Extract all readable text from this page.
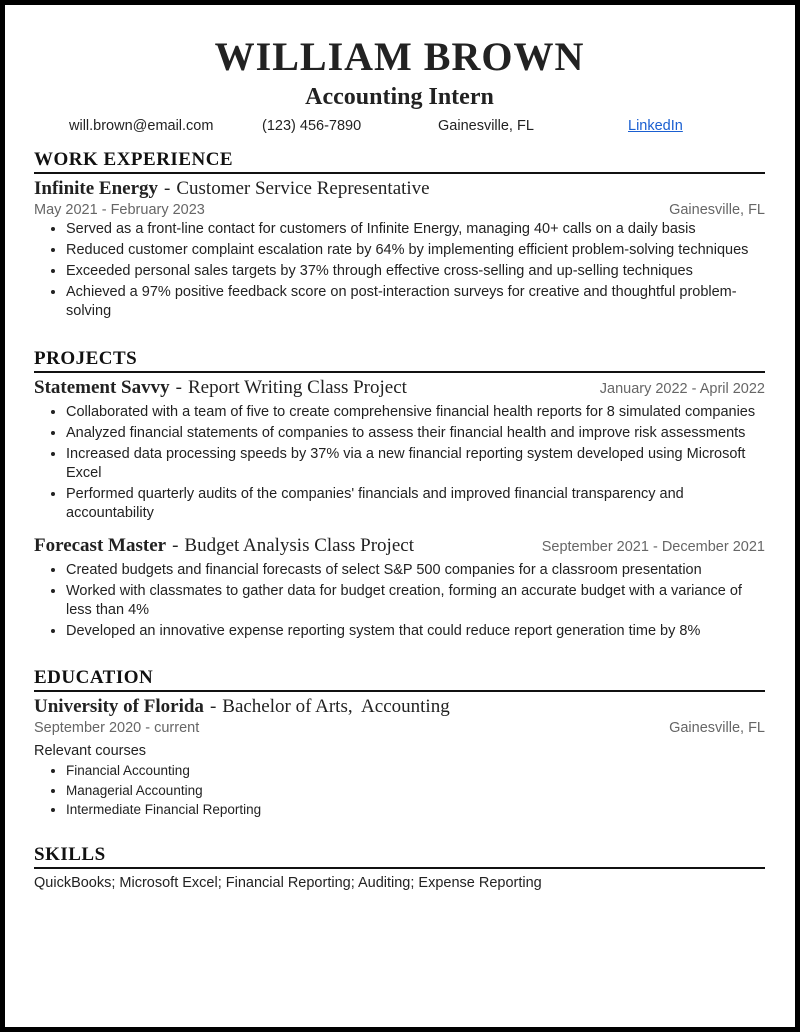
WILLIAM BROWN
Accounting Intern
will.brown@email.com	(123) 456-7890	Gainesville, FL	LinkedIn
WORK EXPERIENCE
Infinite Energy - Customer Service Representative
May 2021 - February 2023	Gainesville, FL
• Served as a front-line contact for customers of Infinite Energy, managing 40+ calls on a daily basis
• Reduced customer complaint escalation rate by 64% by implementing efficient problem-solving techniques
• Exceeded personal sales targets by 37% through effective cross-selling and up-selling techniques
• Achieved a 97% positive feedback score on post-interaction surveys for creative and thoughtful problem-solving
PROJECTS
Statement Savvy - Report Writing Class Project	January 2022 - April 2022
• Collaborated with a team of five to create comprehensive financial health reports for 8 simulated companies
• Analyzed financial statements of companies to assess their financial health and improve risk assessments
• Increased data processing speeds by 37% via a new financial reporting system developed using Microsoft Excel
• Performed quarterly audits of the companies' financials and improved financial transparency and accountability
Forecast Master - Budget Analysis Class Project	September 2021 - December 2021
• Created budgets and financial forecasts of select S&P 500 companies for a classroom presentation
• Worked with classmates to gather data for budget creation, forming an accurate budget with a variance of less than 4%
• Developed an innovative expense reporting system that could reduce report generation time by 8%
EDUCATION
University of Florida - Bachelor of Arts,  Accounting
September 2020 - current	Gainesville, FL
Relevant courses
• Financial Accounting
• Managerial Accounting
• Intermediate Financial Reporting
SKILLS
QuickBooks; Microsoft Excel; Financial Reporting; Auditing; Expense Reporting
